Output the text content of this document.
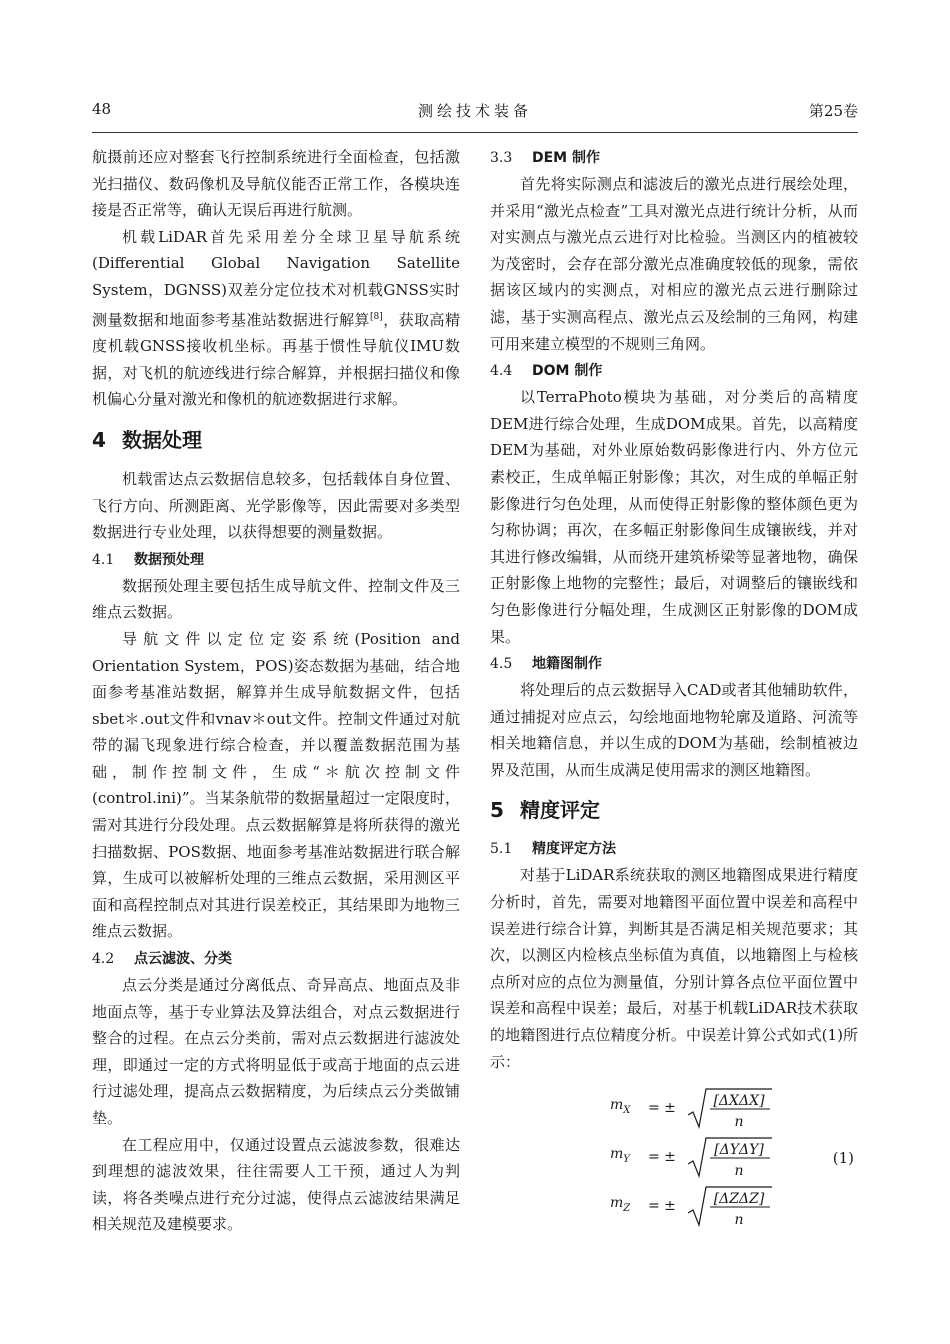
48	测绘技术装备	第25卷

航摄前还应对整套飞行控制系统进行全面检查，包括激光扫描仪、数码像机及导航仪能否正常工作，各模块连接是否正常等，确认无误后再进行航测。

机载LiDAR首先采用差分全球卫星导航系统(Differential Global Navigation Satellite System，DGNSS)双差分定位技术对机载GNSS实时测量数据和地面参考基准站数据进行解算[8]，获取高精度机载GNSS接收机坐标。再基于惯性导航仪IMU数据，对飞机的航迹线进行综合解算，并根据扫描仪和像机偏心分量对激光和像机的航迹数据进行求解。

4 数据处理

机载雷达点云数据信息较多，包括载体自身位置、飞行方向、所测距离、光学影像等，因此需要对多类型数据进行专业处理，以获得想要的测量数据。

4.1 数据预处理

数据预处理主要包括生成导航文件、控制文件及三维点云数据。

导航文件以定位定姿系统(Position and Orientation System，POS)姿态数据为基础，结合地面参考基准站数据，解算并生成导航数据文件，包括sbet＊.out文件和vnav＊out文件。控制文件通过对航带的漏飞现象进行综合检查，并以覆盖数据范围为基础，制作控制文件，生成“＊航次控制文件(control.ini)”。当某条航带的数据量超过一定限度时，需对其进行分段处理。点云数据解算是将所获得的激光扫描数据、POS数据、地面参考基准站数据进行联合解算，生成可以被解析处理的三维点云数据，采用测区平面和高程控制点对其进行误差校正，其结果即为地物三维点云数据。

4.2 点云滤波、分类

点云分类是通过分离低点、奇异高点、地面点及非地面点等，基于专业算法及算法组合，对点云数据进行整合的过程。在点云分类前，需对点云数据进行滤波处理，即通过一定的方式将明显低于或高于地面的点云进行过滤处理，提高点云数据精度，为后续点云分类做铺垫。

在工程应用中，仅通过设置点云滤波参数，很难达到理想的滤波效果，往往需要人工干预，通过人为判读，将各类噪点进行充分过滤，使得点云滤波结果满足相关规范及建模要求。

3.3 DEM 制作

首先将实际测点和滤波后的激光点进行展绘处理，并采用“激光点检查”工具对激光点进行统计分析，从而对实测点与激光点云进行对比检验。当测区内的植被较为茂密时，会存在部分激光点准确度较低的现象，需依据该区域内的实测点，对相应的激光点云进行删除过滤，基于实测高程点、激光点云及绘制的三角网，构建可用来建立模型的不规则三角网。

4.4 DOM 制作

以TerraPhoto模块为基础，对分类后的高精度DEM进行综合处理，生成DOM成果。首先，以高精度DEM为基础，对外业原始数码影像进行内、外方位元素校正，生成单幅正射影像；其次，对生成的单幅正射影像进行匀色处理，从而使得正射影像的整体颜色更为匀称协调；再次，在多幅正射影像间生成镶嵌线，并对其进行修改编辑，从而绕开建筑桥梁等显著地物，确保正射影像上地物的完整性；最后，对调整后的镶嵌线和匀色影像进行分幅处理，生成测区正射影像的DOM成果。

4.5 地籍图制作

将处理后的点云数据导入CAD或者其他辅助软件，通过捕捉对应点云，勾绘地面地物轮廓及道路、河流等相关地籍信息，并以生成的DOM为基础，绘制植被边界及范围，从而生成满足使用需求的测区地籍图。

5 精度评定
5.1 精度评定方法

对基于LiDAR系统获取的测区地籍图成果进行精度分析时，首先，需要对地籍图平面位置中误差和高程中误差进行综合计算，判断其是否满足相关规范要求；其次，以测区内检核点坐标值为真值，以地籍图上与检核点所对应的点位为测量值，分别计算各点位平面位置中误差和高程中误差；最后，对基于机载LiDAR技术获取的地籍图进行点位精度分析。中误差计算公式如式(1)所示：

$m_X$ = ±	[ΔXΔX]
n
$m_Y$ = ±	[ΔYΔY]
n
$m_Z$ = ±	[ΔZΔZ]
n
(1)
